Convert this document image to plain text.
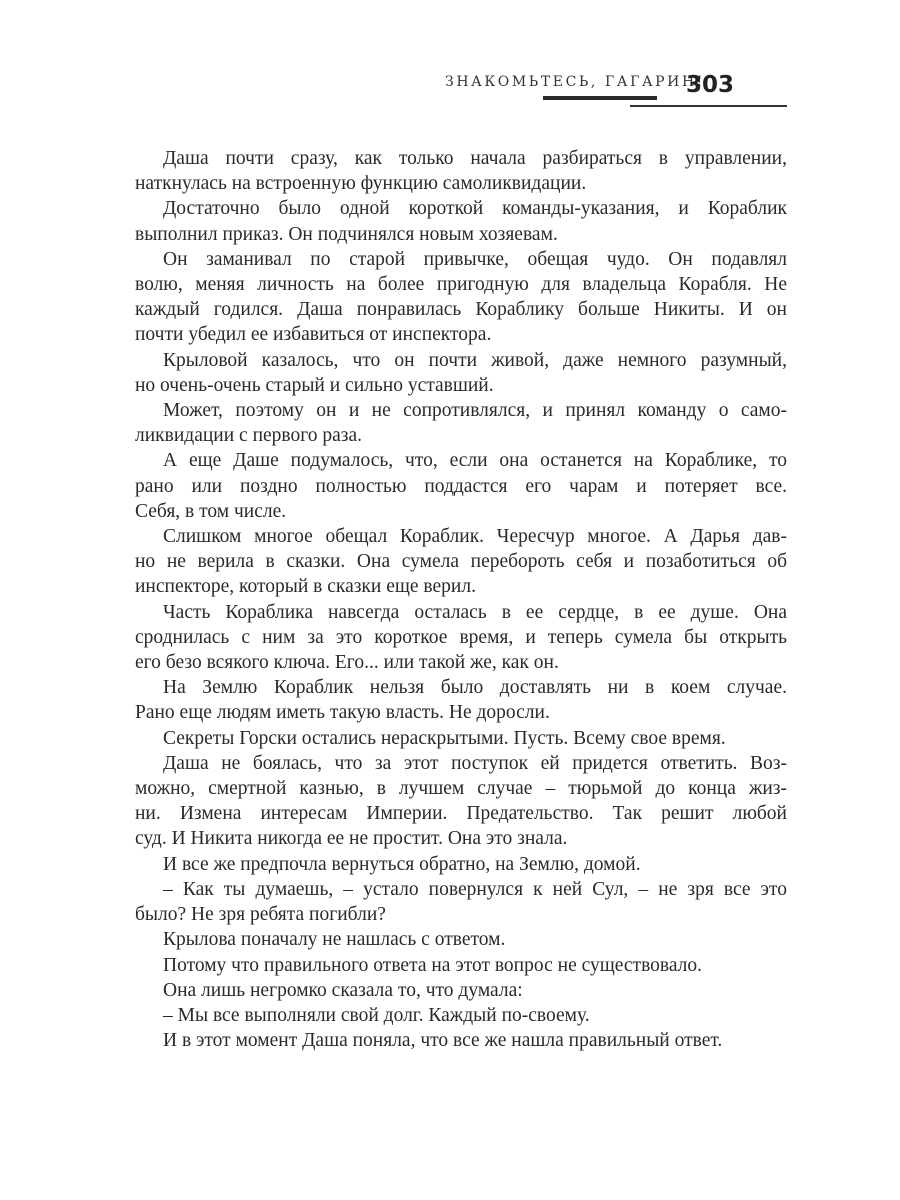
ЗНАКОМЬТЕСЬ, ГАГАРИН!
303
Даша почти сразу, как только начала разбираться в управлении,
наткнулась на встроенную функцию самоликвидации.
Достаточно было одной короткой команды-указания, и Кораблик
выполнил приказ. Он подчинялся новым хозяевам.
Он заманивал по старой привычке, обещая чудо. Он подавлял
волю, меняя личность на более пригодную для владельца Корабля. Не
каждый годился. Даша понравилась Кораблику больше Никиты. И он
почти убедил ее избавиться от инспектора.
Крыловой казалось, что он почти живой, даже немного разумный,
но очень-очень старый и сильно уставший.
Может, поэтому он и не сопротивлялся, и принял команду о само-
ликвидации с первого раза.
А еще Даше подумалось, что, если она останется на Кораблике, то
рано или поздно полностью поддастся его чарам и потеряет все.
Себя, в том числе.
Слишком многое обещал Кораблик. Чересчур многое. А Дарья дав-
но не верила в сказки. Она сумела перебороть себя и позаботиться об
инспекторе, который в сказки еще верил.
Часть Кораблика навсегда осталась в ее сердце, в ее душе. Она
сроднилась с ним за это короткое время, и теперь сумела бы открыть
его безо всякого ключа. Его... или такой же, как он.
На Землю Кораблик нельзя было доставлять ни в коем случае.
Рано еще людям иметь такую власть. Не доросли.
Секреты Горски остались нераскрытыми. Пусть. Всему свое время.
Даша не боялась, что за этот поступок ей придется ответить. Воз-
можно, смертной казнью, в лучшем случае – тюрьмой до конца жиз-
ни. Измена интересам Империи. Предательство. Так решит любой
суд. И Никита никогда ее не простит. Она это знала.
И все же предпочла вернуться обратно, на Землю, домой.
– Как ты думаешь, – устало повернулся к ней Сул, – не зря все это
было? Не зря ребята погибли?
Крылова поначалу не нашлась с ответом.
Потому что правильного ответа на этот вопрос не существовало.
Она лишь негромко сказала то, что думала:
– Мы все выполняли свой долг. Каждый по-своему.
И в этот момент Даша поняла, что все же нашла правильный ответ.
